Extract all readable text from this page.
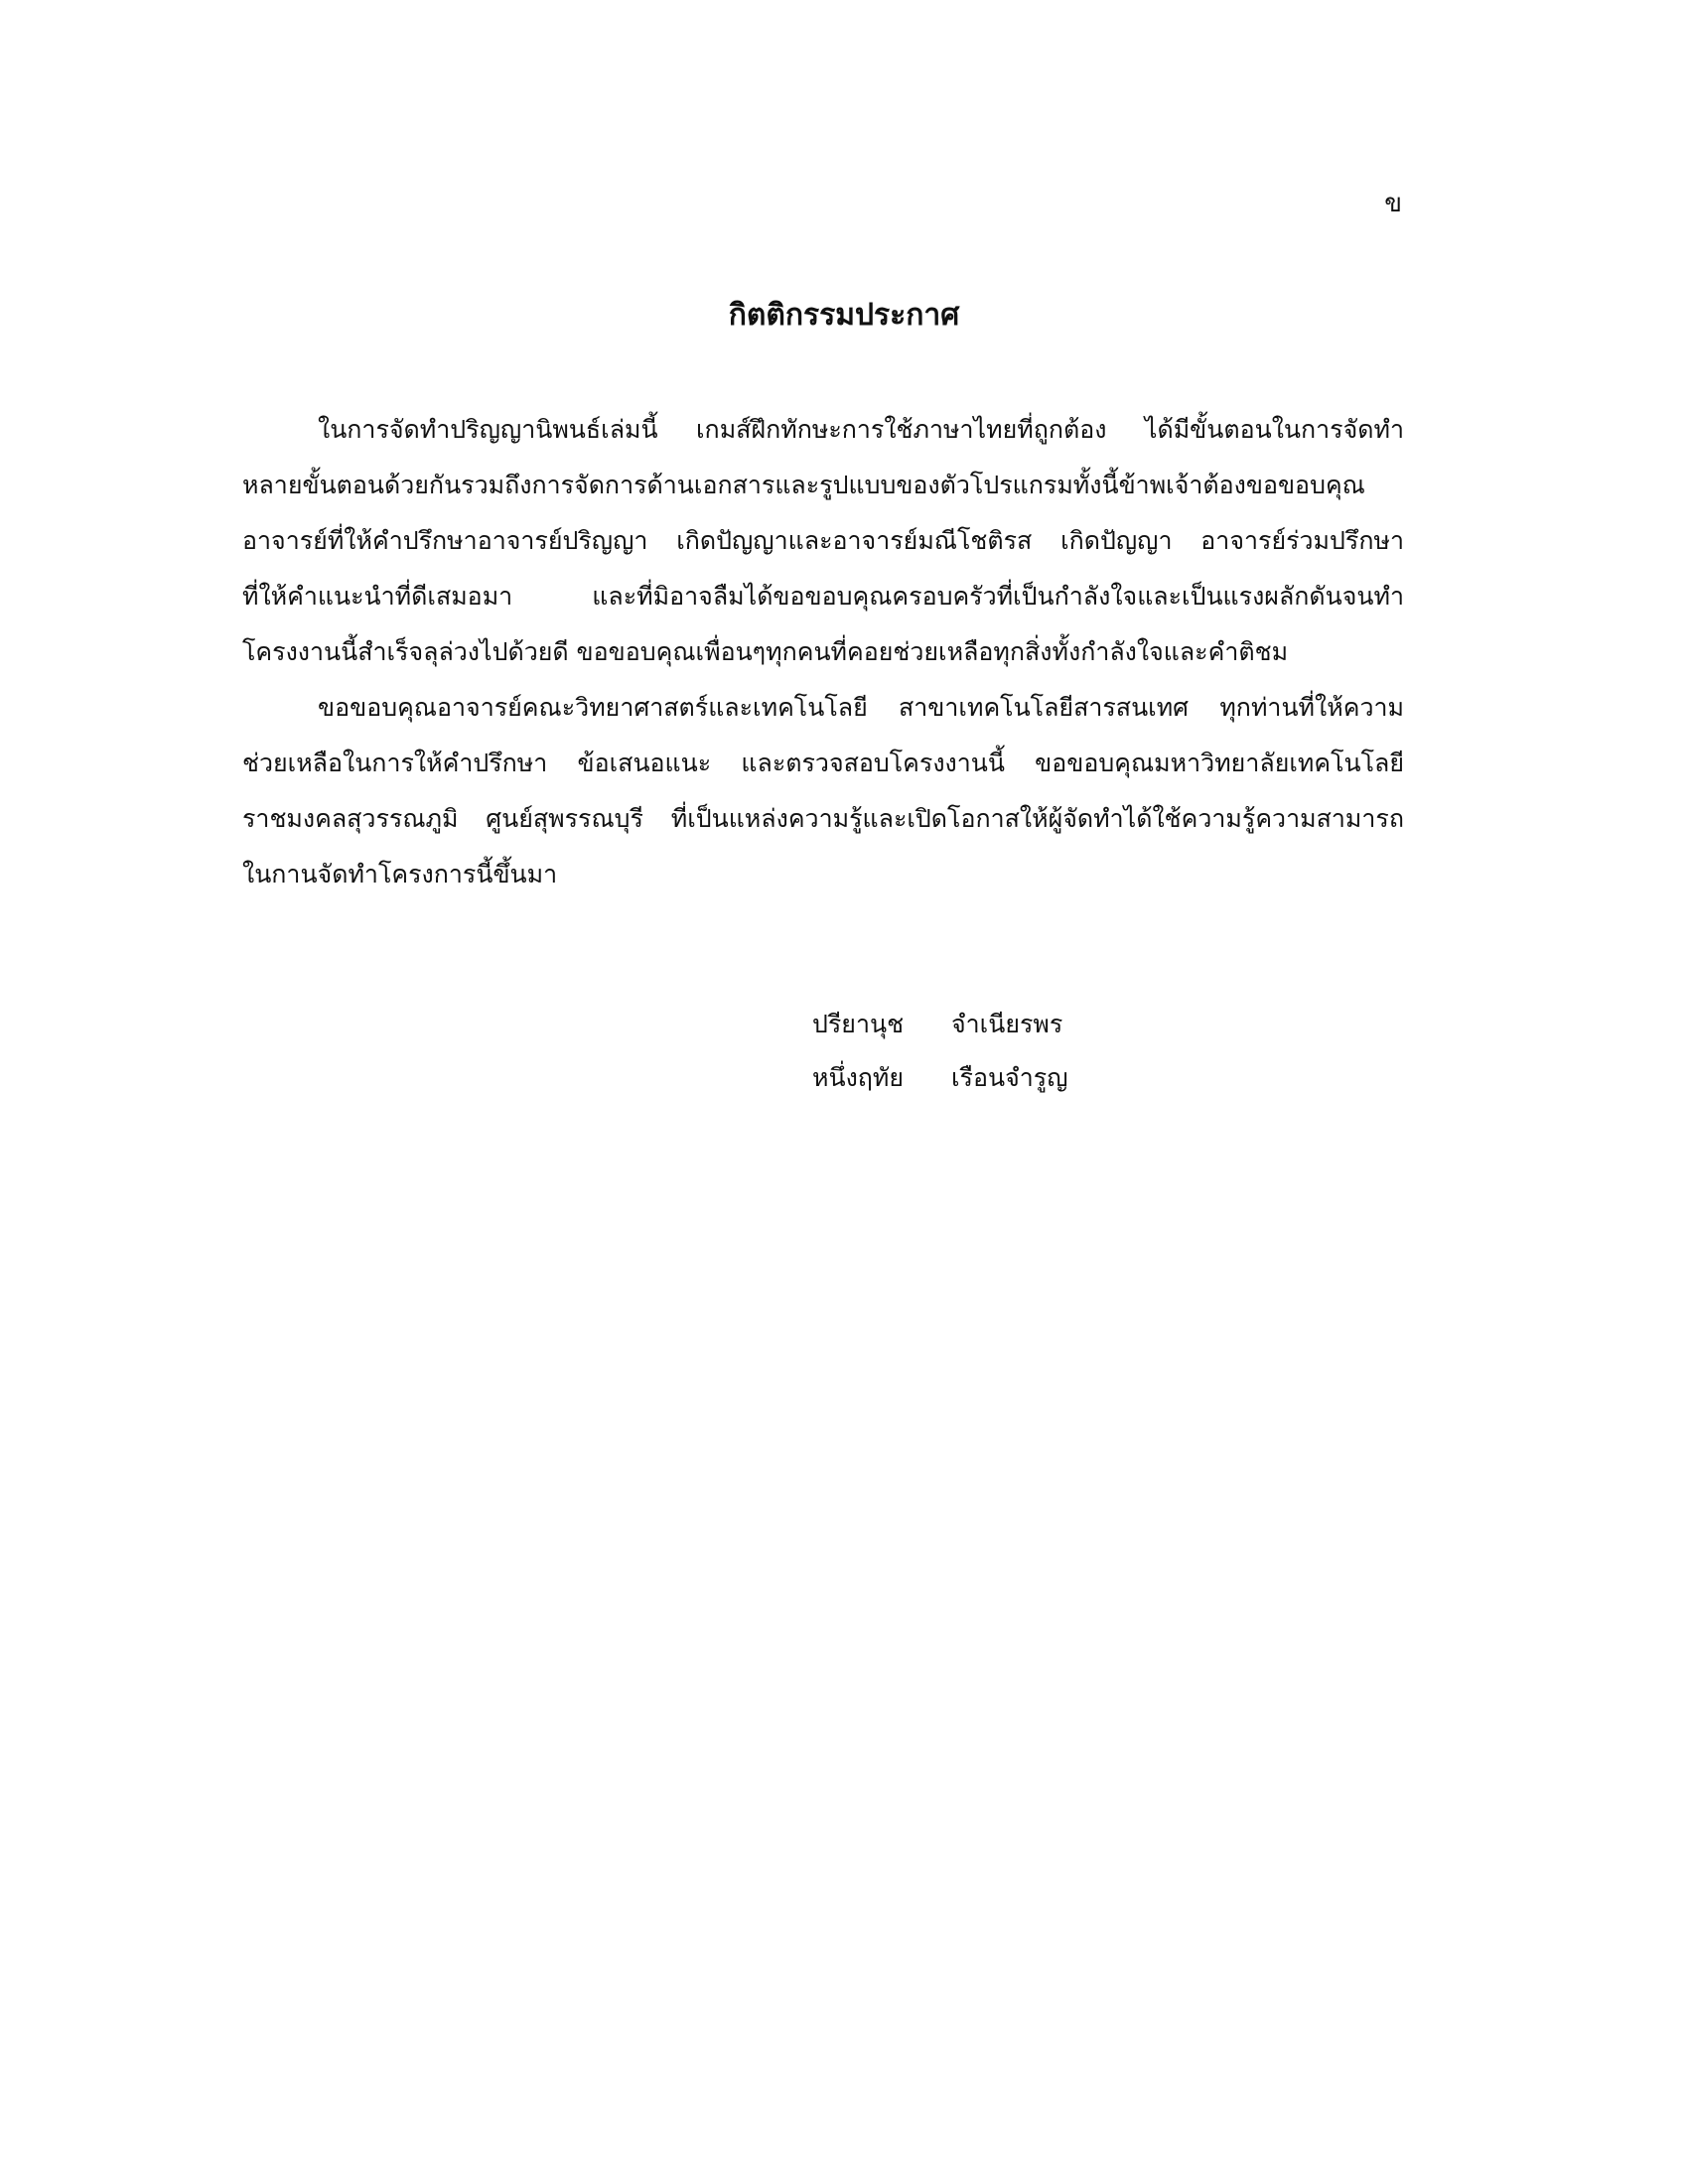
ข
กิตติกรรมประกาศ
ในการจัดทำปริญญานิพนธ์เล่มนี้ เกมส์ฝึกทักษะการใช้ภาษาไทยที่ถูกต้อง ได้มีขั้นตอนในการจัดทำ
หลายขั้นตอนด้วยกันรวมถึงการจัดการด้านเอกสารและรูปแบบของตัวโปรแกรมทั้งนี้ข้าพเจ้าต้องขอขอบคุณ
อาจารย์ที่ให้คำปรึกษาอาจารย์ปริญญา เกิดปัญญาและอาจารย์มณีโชติรส เกิดปัญญา อาจารย์ร่วมปรึกษา
ที่ให้คำแนะนำที่ดีเสมอมา และที่มิอาจลืมได้ขอขอบคุณครอบครัวที่เป็นกำลังใจและเป็นแรงผลักดันจนทำ
โครงงานนี้สำเร็จลุล่วงไปด้วยดี ขอขอบคุณเพื่อนๆทุกคนที่คอยช่วยเหลือทุกสิ่งทั้งกำลังใจและคำติชม
ขอขอบคุณอาจารย์คณะวิทยาศาสตร์และเทคโนโลยี สาขาเทคโนโลยีสารสนเทศ ทุกท่านที่ให้ความ
ช่วยเหลือในการให้คำปรึกษา ข้อเสนอแนะ และตรวจสอบโครงงานนี้ ขอขอบคุณมหาวิทยาลัยเทคโนโลยี
ราชมงคลสุวรรณภูมิ ศูนย์สุพรรณบุรี ที่เป็นแหล่งความรู้และเปิดโอกาสให้ผู้จัดทำได้ใช้ความรู้ความสามารถ
ในกานจัดทำโครงการนี้ขึ้นมา
ปรียานุช	จำเนียรพร
หนึ่งฤทัย	เรือนจำรูญ
